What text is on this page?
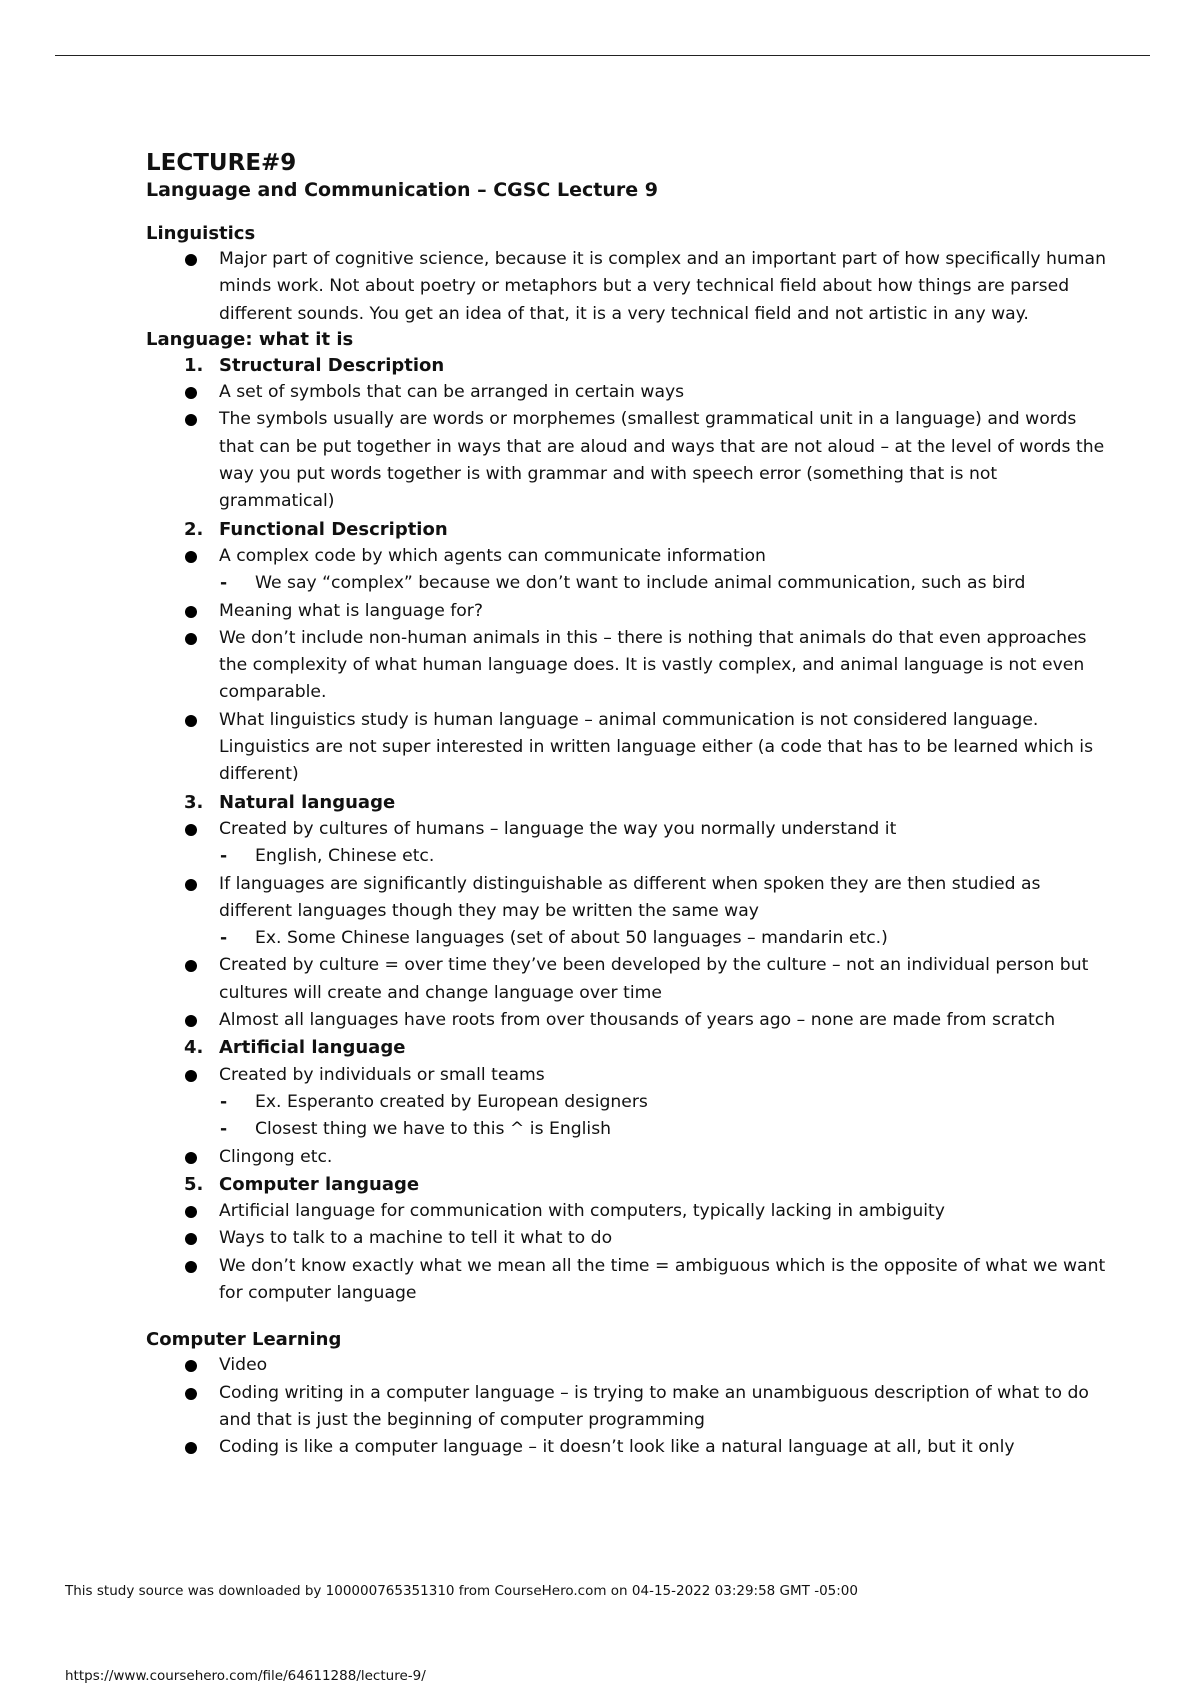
LECTURE#9
Language and Communication – CGSC Lecture 9
Linguistics
Major part of cognitive science, because it is complex and an important part of how specifically human minds work. Not about poetry or metaphors but a very technical field about how things are parsed different sounds. You get an idea of that, it is a very technical field and not artistic in any way.
Language: what it is
1. Structural Description
A set of symbols that can be arranged in certain ways
The symbols usually are words or morphemes (smallest grammatical unit in a language) and words that can be put together in ways that are aloud and ways that are not aloud – at the level of words the way you put words together is with grammar and with speech error (something that is not grammatical)
2. Functional Description
A complex code by which agents can communicate information
- We say “complex” because we don’t want to include animal communication, such as bird
Meaning what is language for?
We don’t include non-human animals in this – there is nothing that animals do that even approaches the complexity of what human language does. It is vastly complex, and animal language is not even comparable.
What linguistics study is human language – animal communication is not considered language. Linguistics are not super interested in written language either (a code that has to be learned which is different)
3. Natural language
Created by cultures of humans – language the way you normally understand it
- English, Chinese etc.
If languages are significantly distinguishable as different when spoken they are then studied as different languages though they may be written the same way
- Ex. Some Chinese languages (set of about 50 languages – mandarin etc.)
Created by culture = over time they’ve been developed by the culture – not an individual person but cultures will create and change language over time
Almost all languages have roots from over thousands of years ago – none are made from scratch
4. Artificial language
Created by individuals or small teams
- Ex. Esperanto created by European designers
- Closest thing we have to this ^ is English
Clingong etc.
5. Computer language
Artificial language for communication with computers, typically lacking in ambiguity
Ways to talk to a machine to tell it what to do
We don’t know exactly what we mean all the time = ambiguous which is the opposite of what we want for computer language
Computer Learning
Video
Coding writing in a computer language – is trying to make an unambiguous description of what to do and that is just the beginning of computer programming
Coding is like a computer language – it doesn’t look like a natural language at all, but it only
This study source was downloaded by 100000765351310 from CourseHero.com on 04-15-2022 03:29:58 GMT -05:00
https://www.coursehero.com/file/64611288/lecture-9/
